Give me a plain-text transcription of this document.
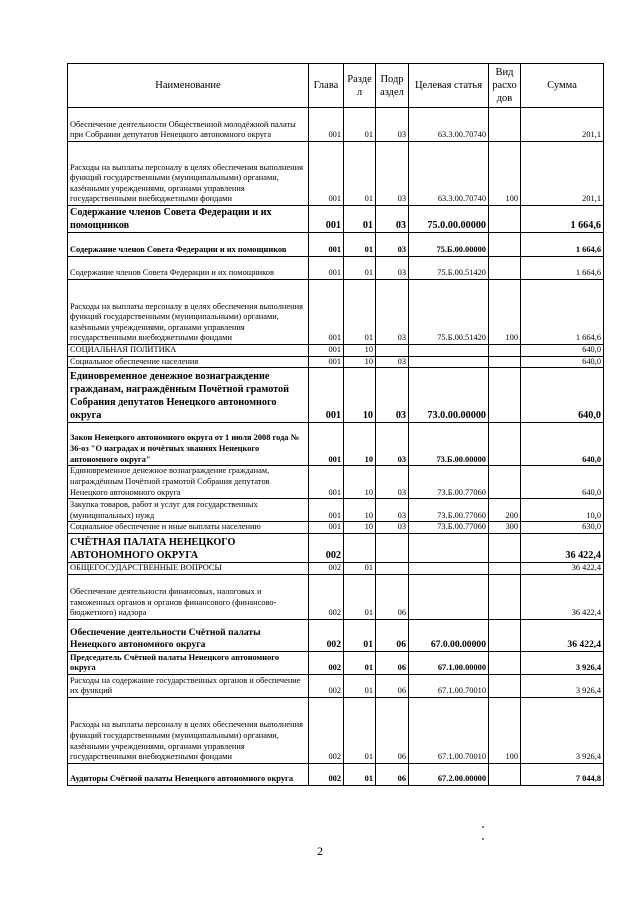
Наименование	Глава	Разде л	Подр аздел	Целевая статья	Вид расхо дов	Сумма
Обеспечение деятельности Общественной молодёжной палаты при Собрании депутатов Ненецкого автономного округа	001	01	03	63.3.00.70740		201,1
Расходы на выплаты персоналу в целях обеспечения выполнения функций государственными (муниципальными) органами, казёнными учреждениями, органами управления государственными внебюджетными фондами	001	01	03	63.3.00.70740	100	201,1
Содержание членов Совета Федерации и их помощников	001	01	03	75.0.00.00000		1 664,6
Содержание членов Совета Федерации и их помощников	001	01	03	75.Б.00.00000		1 664,6
Содержание членов Совета Федерации и их помощников	001	01	03	75.Б.00.51420		1 664,6
Расходы на выплаты персоналу в целях обеспечения выполнения функций государственными (муниципальными) органами, казёнными учреждениями, органами управления государственными внебюджетными фондами	001	01	03	75.Б.00.51420	100	1 664,6
СОЦИАЛЬНАЯ ПОЛИТИКА	001	10				640,0
Социальное обеспечение населения	001	10	03			640,0
Единовременное денежное вознаграждение гражданам, награждённым Почётной грамотой Собрания депутатов Ненецкого автономного округа	001	10	03	73.0.00.00000		640,0
Закон Ненецкого автономного округа от 1 июля 2008 года № 36-оз "О наградах и почётных званиях Ненецкого автономного округа"	001	10	03	73.Б.00.00000		640,0
Единовременное денежное вознаграждение гражданам, награждённым Почётной грамотой Собрания депутатов Ненецкого автономного округа	001	10	03	73.Б.00.77060		640,0
Закупка товаров, работ и услуг для государственных (муниципальных) нужд	001	10	03	73.Б.00.77060	200	10,0
Социальное обеспечение и иные выплаты населению	001	10	03	73.Б.00.77060	300	630,0
СЧЁТНАЯ ПАЛАТА НЕНЕЦКОГО АВТОНОМНОГО ОКРУГА	002					36 422,4
ОБЩЕГОСУДАРСТВЕННЫЕ ВОПРОСЫ	002	01				36 422,4
Обеспечение деятельности финансовых, налоговых и таможенных органов и органов финансового (финансово-бюджетного) надзора	002	01	06			36 422,4
Обеспечение деятельности Счётной палаты Ненецкого автономного округа	002	01	06	67.0.00.00000		36 422,4
Председатель Счётной палаты Ненецкого автономного округа	002	01	06	67.1.00.00000		3 926,4
Расходы на содержание государственных органов и обеспечение их функций	002	01	06	67.1.00.70010		3 926,4
Расходы на выплаты персоналу в целях обеспечения выполнения функций государственными (муниципальными) органами, казёнными учреждениями, органами управления государственными внебюджетными фондами	002	01	06	67.1.00.70010	100	3 926,4
Аудиторы Счётной палаты Ненецкого автономного округа	002	01	06	67.2.00.00000		7 044,8
2
